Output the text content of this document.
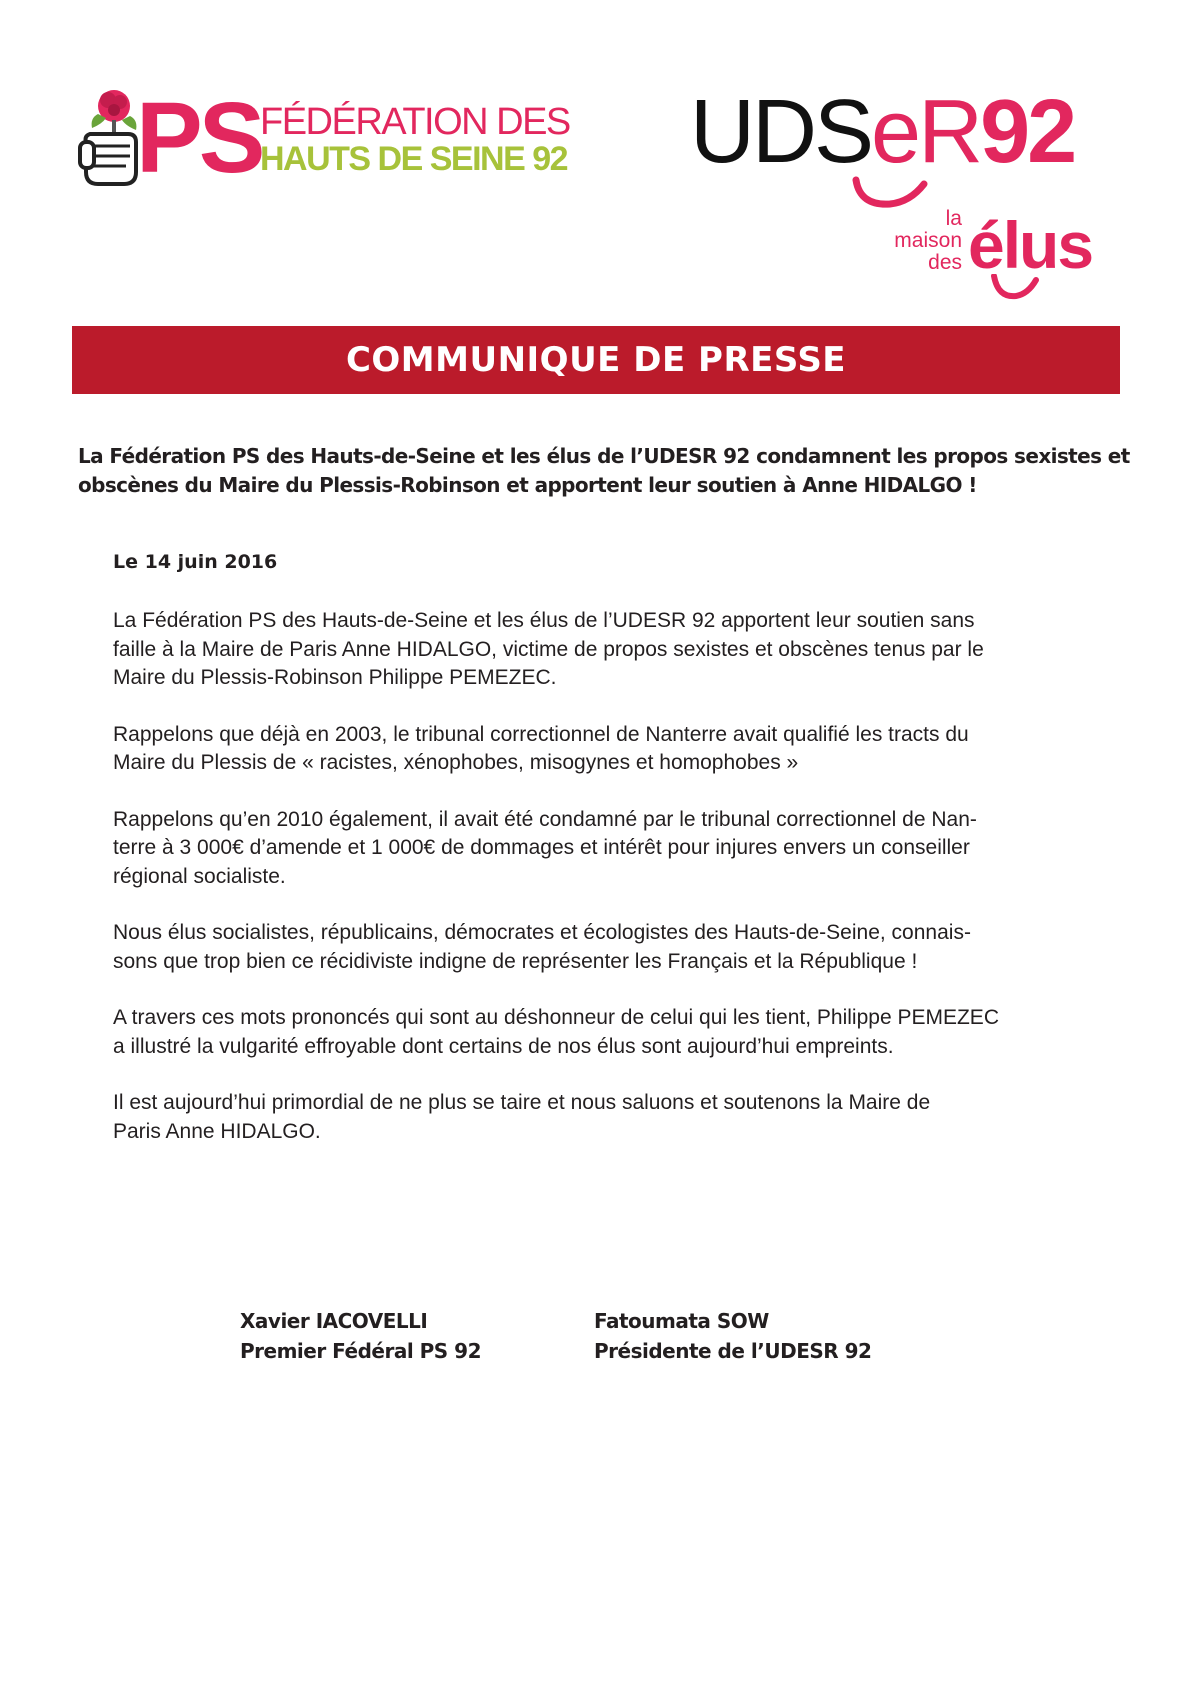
PS
FÉDÉRATION DES
HAUTS DE SEINE 92 UDSeR92
la
maison
des élus
COMMUNIQUE DE PRESSE

La Fédération PS des Hauts-de-Seine et les élus de l’UDESR 92 condamnent les propos sexistes et

obscènes du Maire du Plessis-Robinson et apportent leur soutien à Anne HIDALGO !

Le 14 juin 2016
La Fédération PS des Hauts-de-Seine et les élus de l’UDESR 92 apportent leur soutien sans
faille à la Maire de Paris Anne HIDALGO, victime de propos sexistes et obscènes tenus par le
Maire du Plessis-Robinson Philippe PEMEZEC.
Rappelons que déjà en 2003, le tribunal correctionnel de Nanterre avait qualifié les tracts du
Maire du Plessis de « racistes, xénophobes, misogynes et homophobes »
Rappelons qu’en 2010 également, il avait été condamné par le tribunal correctionnel de Nan-
terre à 3 000€ d’amende et 1 000€ de dommages et intérêt pour injures envers un conseiller
régional socialiste.
Nous élus socialistes, républicains, démocrates et écologistes des Hauts-de-Seine, connais-
sons que trop bien ce récidiviste indigne de représenter les Français et la République !
A travers ces mots prononcés qui sont au déshonneur de celui qui les tient, Philippe PEMEZEC
a illustré la vulgarité effroyable dont certains de nos élus sont aujourd’hui empreints.
Il est aujourd’hui primordial de ne plus se taire et nous saluons et soutenons la Maire de
Paris Anne HIDALGO.
Xavier IACOVELLI
Premier Fédéral PS 92
Fatoumata SOW
Présidente de l’UDESR 92
